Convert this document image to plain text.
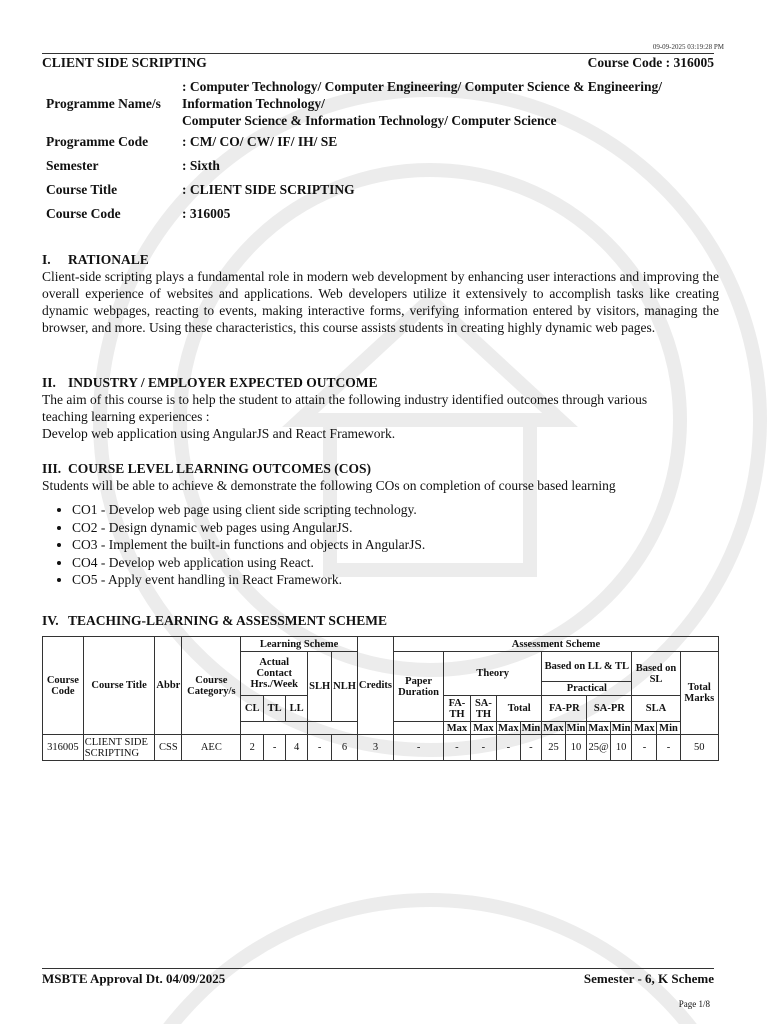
09-09-2025 03:19:28 PM
CLIENT SIDE SCRIPTING	Course Code : 316005
Programme Name/s	: Computer Technology/ Computer Engineering/ Computer Science & Engineering/
Information Technology/
Computer Science & Information Technology/ Computer Science

Programme Code	: CM/ CO/ CW/ IF/ IH/ SE
Semester	: Sixth
Course Title	: CLIENT SIDE SCRIPTING
Course Code	: 316005

I. RATIONALE

Client-side scripting plays a fundamental role in modern web development by enhancing user interactions and improving the overall experience of websites and applications. Web developers utilize it extensively to accomplish tasks like creating dynamic webpages, reacting to events, making interactive forms, verifying information entered by visitors, managing the browser, and more. Using these characteristics, this course assists students in creating highly dynamic web pages.

II. INDUSTRY / EMPLOYER EXPECTED OUTCOME

The aim of this course is to help the student to attain the following industry identified outcomes through various
teaching learning experiences :
Develop web application using AngularJS and React Framework.

III. COURSE LEVEL LEARNING OUTCOMES (COS)

Students will be able to achieve & demonstrate the following COs on completion of course based learning
• CO1 - Develop web page using client side scripting technology.
• CO2 - Design dynamic web pages using AngularJS.
• CO3 - Implement the built-in functions and objects in AngularJS.
• CO4 - Develop web application using React.
• CO5 - Apply event handling in React Framework.

IV. TEACHING-LEARNING & ASSESSMENT SCHEME

Course Code	Course Title	Abbr	Course Category/s	Learning Scheme					Credits	Assessment Scheme											
				Actual Contact Hrs./Week			SLH	NLH		Paper Duration	Theory				Based on LL & TL				Based on SL		Total Marks
															Practical						
				CL	TL	LL					FA- TH	SA- TH	Total		FA-PR		SA-PR		SLA		
											Max	Max	Max	Min	Max	Min	Max	Min	Max	Min	
316005	CLIENT SIDE SCRIPTING	CSS	AEC	2	-	4	-	6	3	-	-	-	-	-	25	10	25@	10	-	-	50
MSBTE Approval Dt. 04/09/2025	Semester - 6, K Scheme
Page 1/8
